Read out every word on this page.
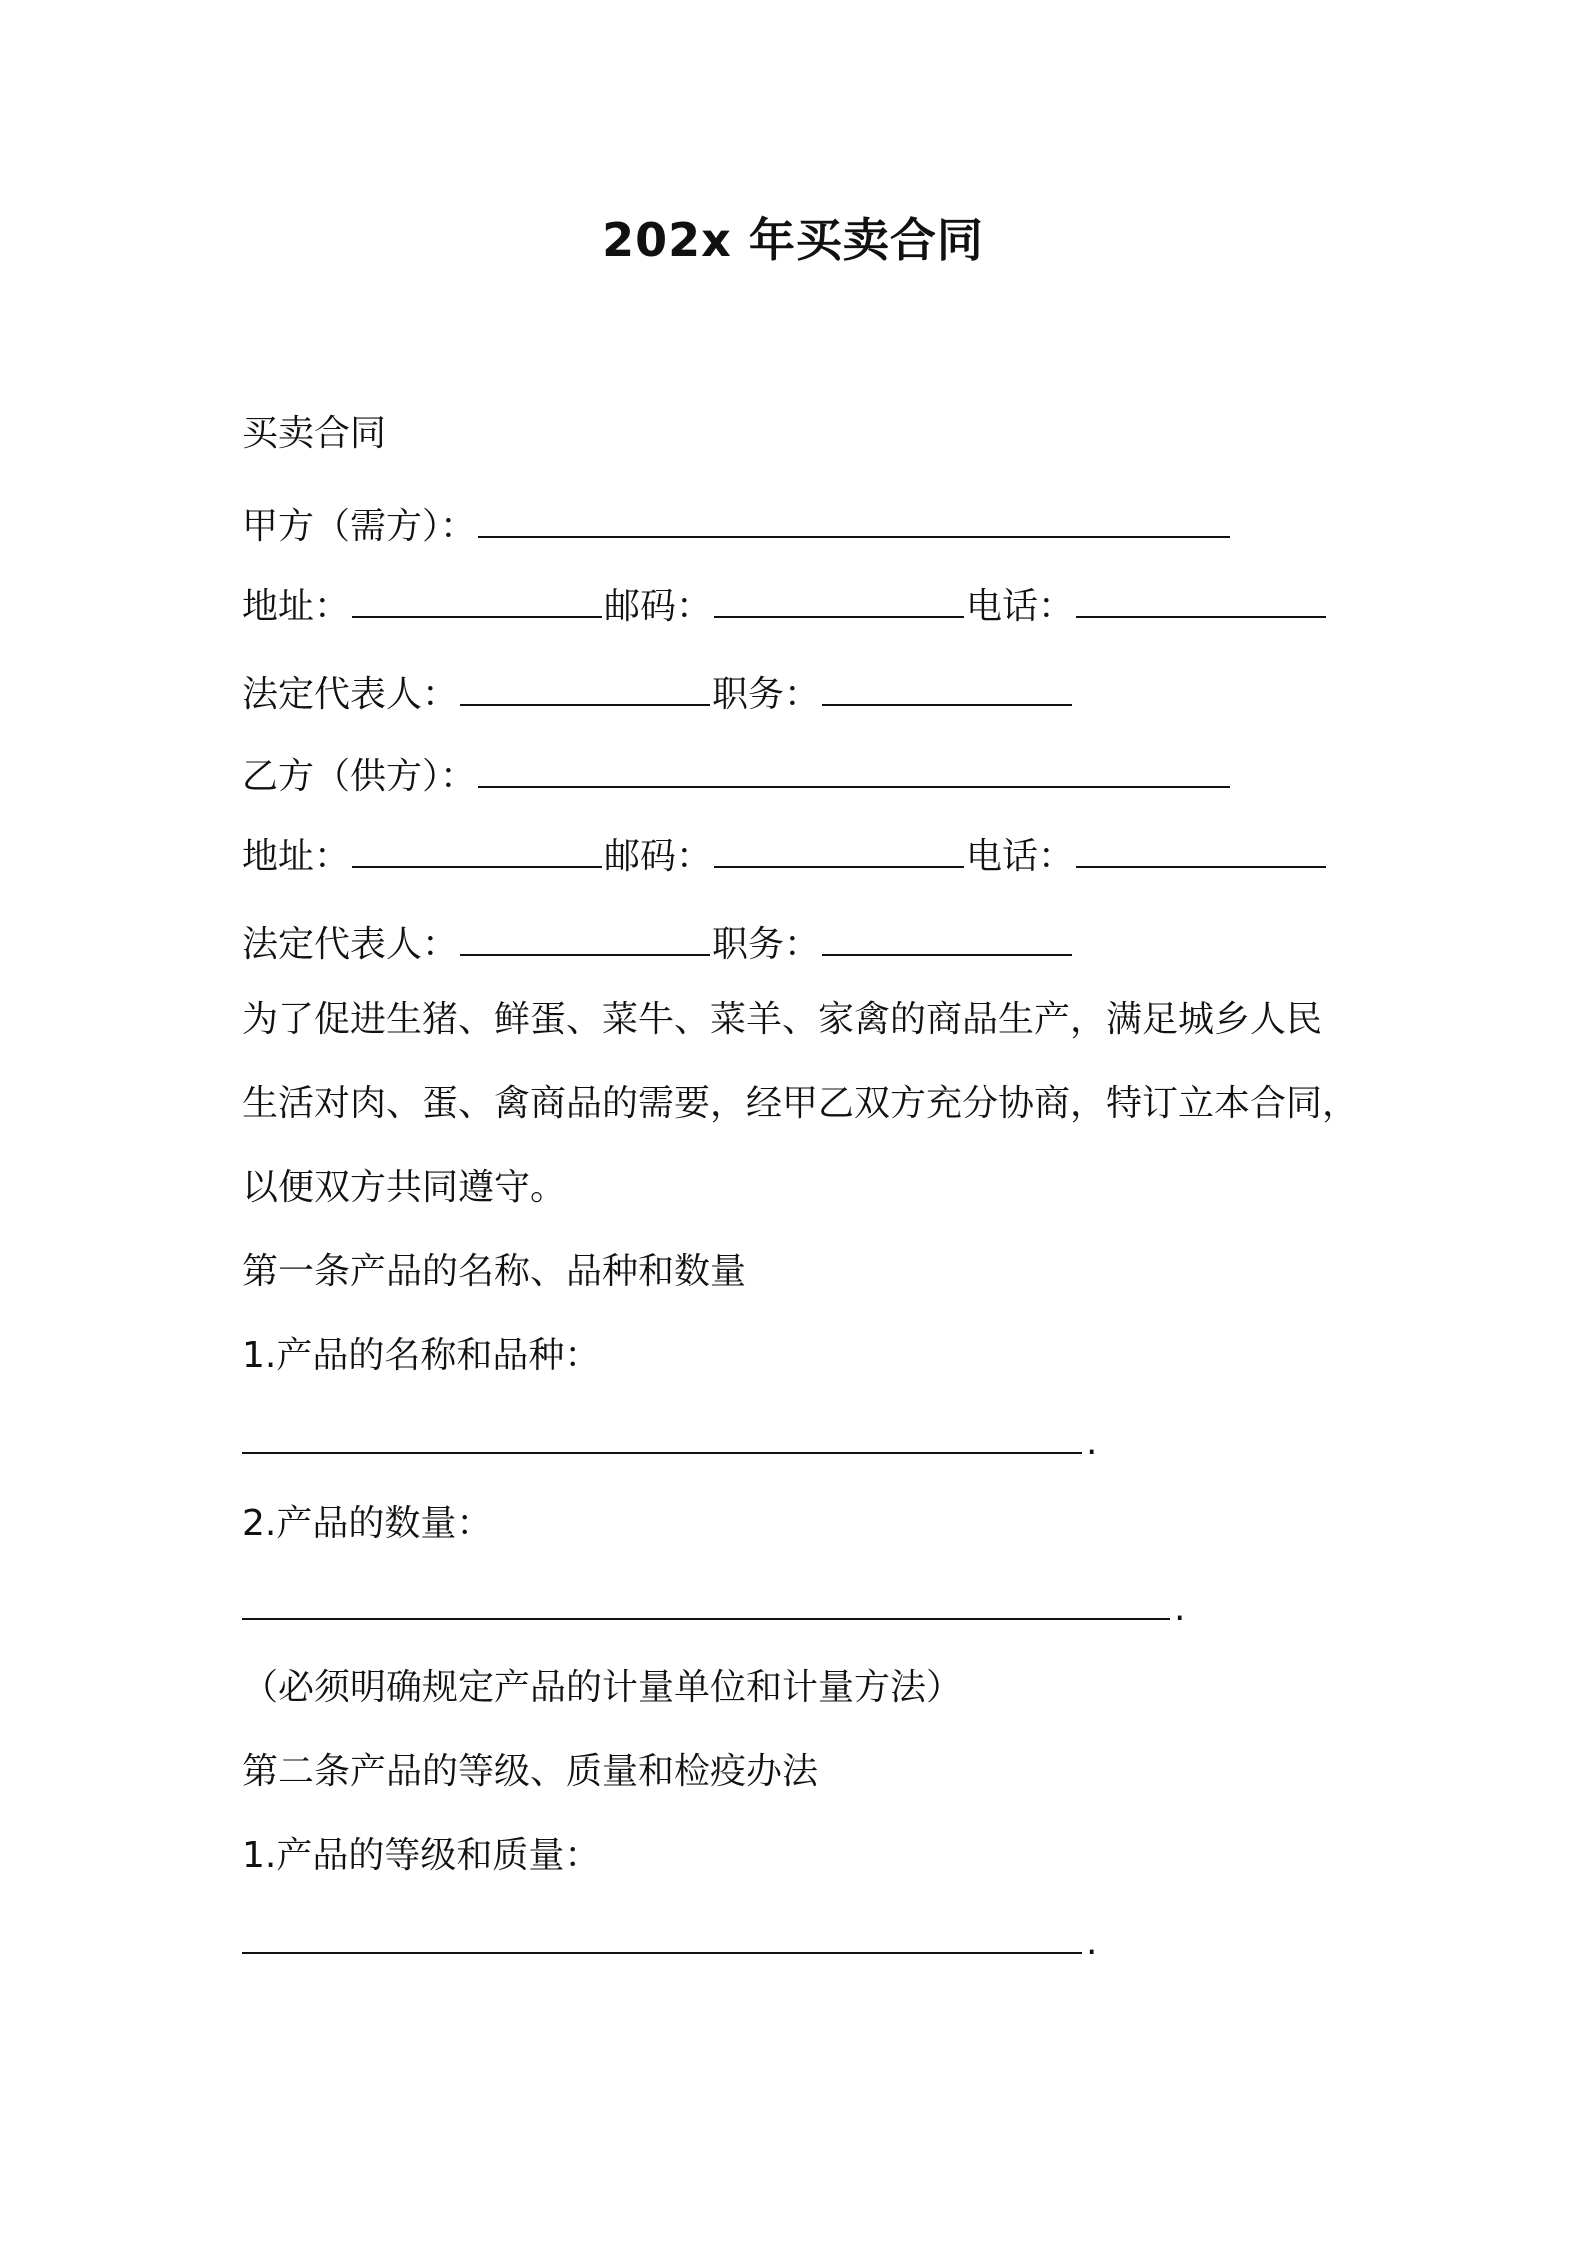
202x 年买卖合同
买卖合同
甲方（需方）：
地址：	邮码：	电话：
法定代表人：	职务：
乙方（供方）：
地址：	邮码：	电话：
法定代表人：	职务：
为了促进生猪、鲜蛋、菜牛、菜羊、家禽的商品生产，满足城乡人民
生活对肉、蛋、禽商品的需要，经甲乙双方充分协商，特订立本合同，
以便双方共同遵守。
第一条产品的名称、品种和数量
1.产品的名称和品种：
.
2.产品的数量：
.
（必须明确规定产品的计量单位和计量方法）
第二条产品的等级、质量和检疫办法
1.产品的等级和质量：
.
